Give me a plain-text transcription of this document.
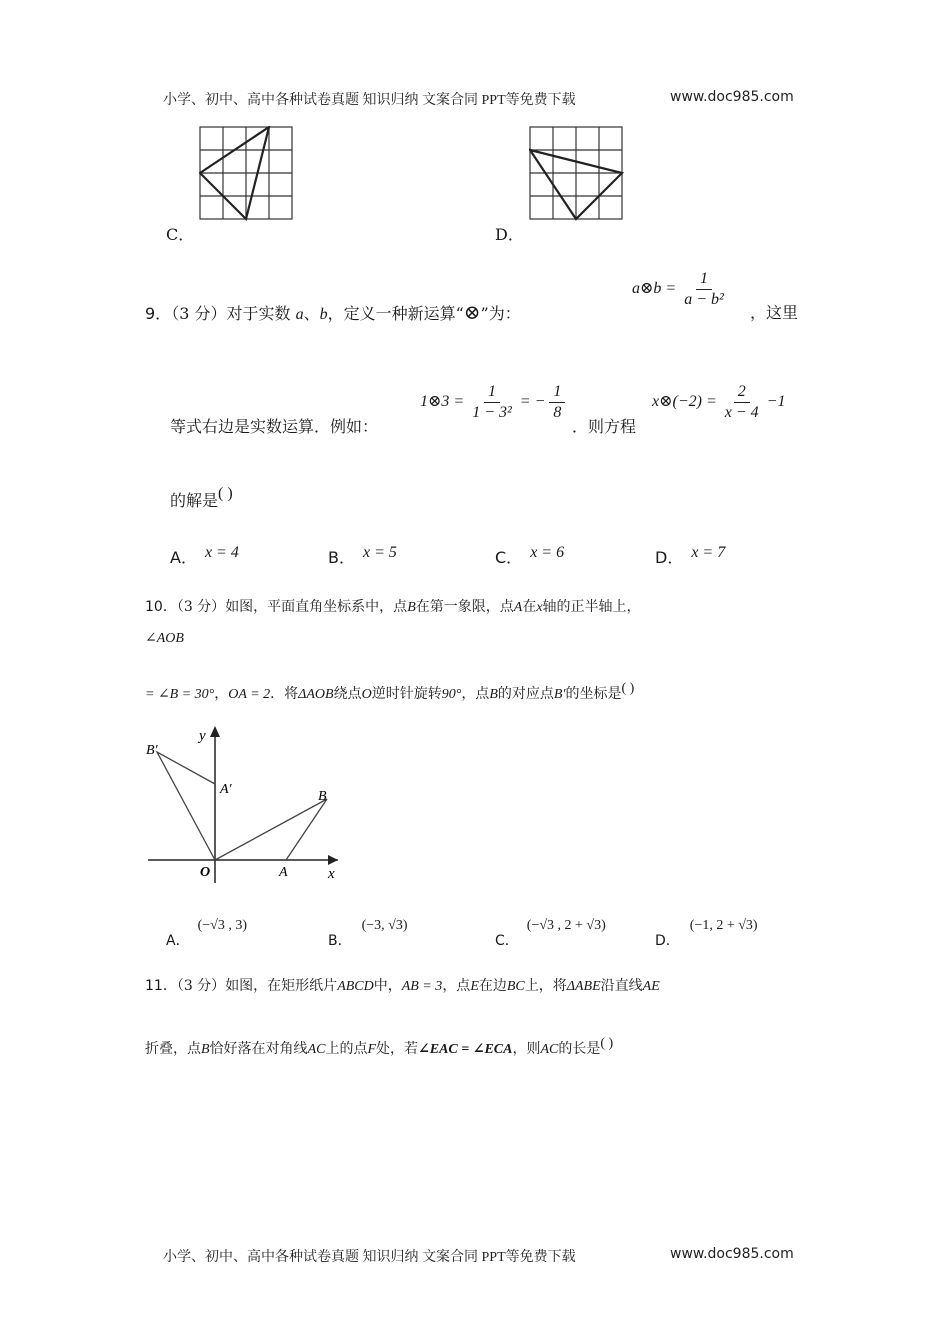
小学、初中、高中各种试卷真题 知识归纳 文案合同 PPT等免费下载	www.doc985.com
C．	D．
9．（3 分）对于实数 a、b，定义一种新运算“⊗”为：
a⊗b = $\frac{1}{\text{a − b²}}$
，这里
等式右边是实数运算．例如：
1⊗3 = $\frac{1}{\text{1 − 3²}}$ = − $\frac{1}{8}$
．则方程
x⊗(−2) = $\frac{2}{x - 4} -1$
的解是( )
A． x = 4	B． x = 5	C． x = 6	D． x = 7
10．（3 分）如图，平面直角坐标系中，点B在第一象限，点A在x轴的正半轴上，
∠AOB
= ∠B = 30°，OA = 2．将ΔAOB绕点O逆时针旋转90°，点B的对应点B′的坐标是( )
y
x
O	A
B
A′
B′
A．(−√3 , 3)
B．(−3, √3)
C．(−√3 , 2 + √3)
D．(−1, 2 + √3)
11．（3 分）如图，在矩形纸片ABCD中，AB = 3，点E在边BC上，将ΔABE沿直线AE
折叠，点B恰好落在对角线AC上的点F处，若∠EAC = ∠ECA，则AC的长是( )
小学、初中、高中各种试卷真题 知识归纳 文案合同 PPT等免费下载	www.doc985.com
